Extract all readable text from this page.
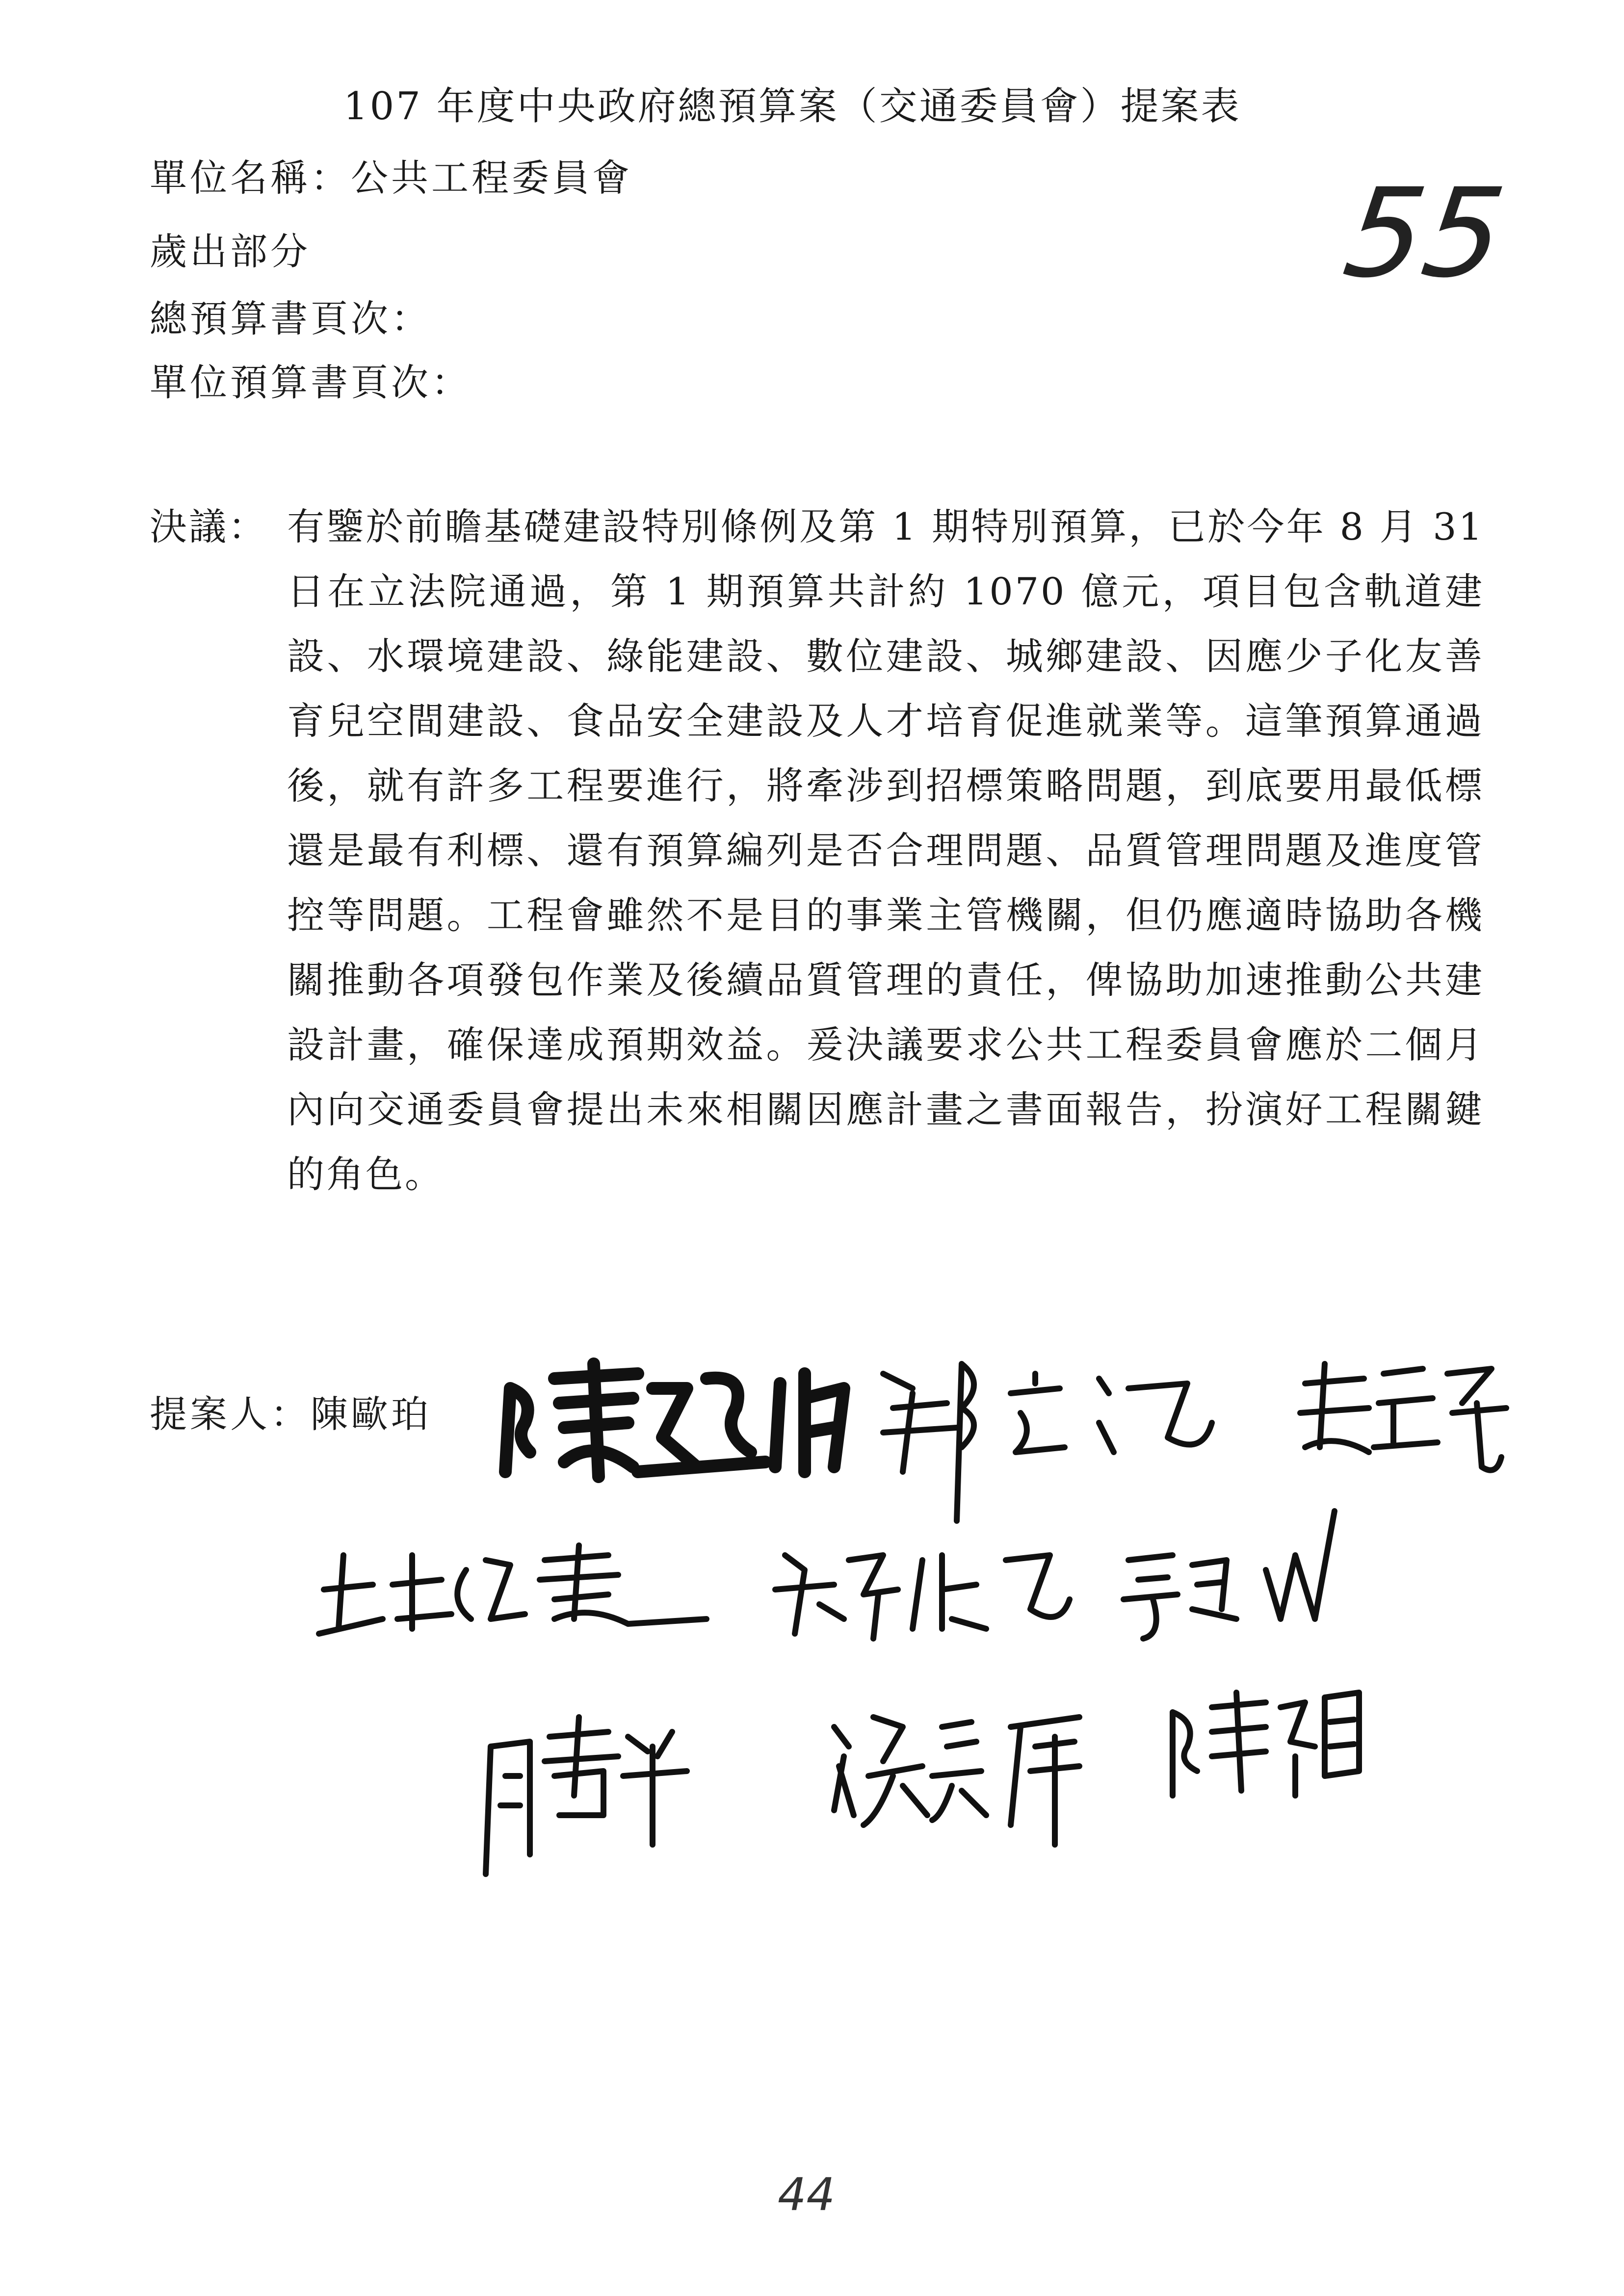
107 年度中央政府總預算案（交通委員會）提案表
55
單位名稱：公共工程委員會
歲出部分
總預算書頁次：
單位預算書頁次：
決議： 有鑒於前瞻基礎建設特別條例及第 1 期特別預算，已於今年 8 月 31 日在立法院通過，第 1 期預算共計約 1070 億元，項目包含軌道建設、水環境建設、綠能建設、數位建設、城鄉建設、因應少子化友善育兒空間建設、食品安全建設及人才培育促進就業等。這筆預算通過後，就有許多工程要進行，將牽涉到招標策略問題，到底要用最低標還是最有利標、還有預算編列是否合理問題、品質管理問題及進度管控等問題。工程會雖然不是目的事業主管機關，但仍應適時協助各機關推動各項發包作業及後續品質管理的責任，俾協助加速推動公共建設計畫，確保達成預期效益。爰決議要求公共工程委員會應於二個月內向交通委員會提出未來相關因應計畫之書面報告，扮演好工程關鍵的角色。

提案人：陳歐珀
44
